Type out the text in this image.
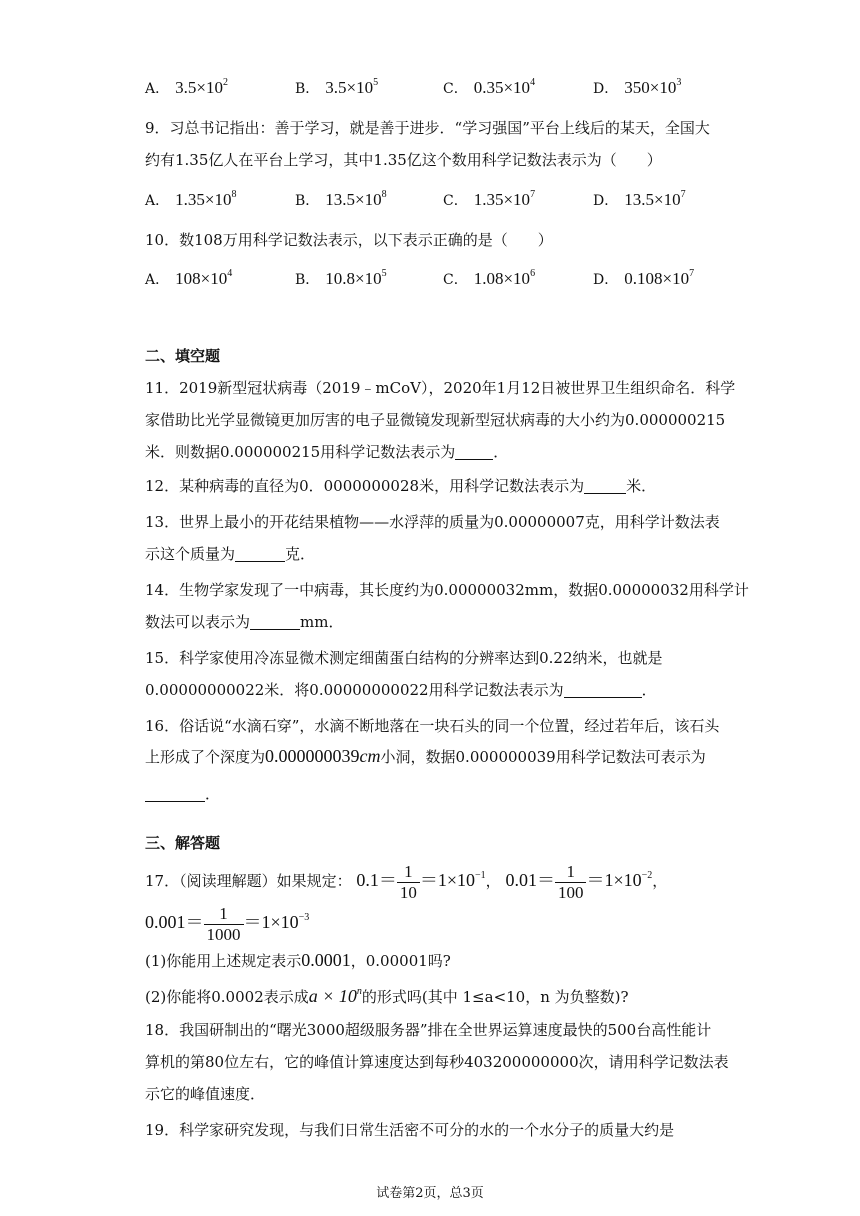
A． $3.5\times 10^2$	B． $3.5\times 10^5$	C． $0.35\times 10^4$	D． $350\times 10^3$
9．习总书记指出：善于学习，就是善于进步．“学习强国”平台上线后的某天，全国大
约有1.35亿人在平台上学习，其中1.35亿这个数用科学记数法表示为（　　）
A． $1.35\times 10^8$	B． $13.5\times 10^8$	C． $1.35\times 10^7$	D． $13.5\times 10^7$
10．数108万用科学记数法表示，以下表示正确的是（　　）
A． $108\times 10^4$	B． $10.8\times 10^5$	C． $1.08\times 10^6$	D． $0.108\times 10^7$
二、填空题
11．2019新型冠状病毒（2019﹣mCoV），2020年1月12日被世界卫生组织命名．科学
家借助比光学显微镜更加厉害的电子显微镜发现新型冠状病毒的大小约为0.000000215
米．则数据0.000000215用科学记数法表示为	．
12．某种病毒的直径为0．0000000028米，用科学记数法表示为	米．
13．世界上最小的开花结果植物——水浮萍的质量为0.00000007克，用科学计数法表
示这个质量为	克．
14．生物学家发现了一中病毒，其长度约为0.00000032mm，数据0.00000032用科学计
数法可以表示为	mm．
15．科学家使用冷冻显微术测定细菌蛋白结构的分辨率达到0.22纳米，也就是
0.00000000022米．将0.00000000022用科学记数法表示为	．
16．俗话说“水滴石穿”，水滴不断地落在一块石头的同一个位置，经过若年后，该石头
上形成了个深度为0.000000039cm小洞，数据0.000000039用科学记数法可表示为
．
三、解答题
17．（阅读理解题）如果规定： $0.1= \frac{1}{10} =1\times 10^{-1}$， $0.01= \frac{1}{100} =1\times 10^{-2}$，
$0.001= \frac{1}{1000} =1\times 10^{-3}$
(1)你能用上述规定表示0.0001，0.00001吗?
(2)你能将0.0002表示成$a \times 10^n$的形式吗(其中 1≤a<10，n 为负整数)?
18．我国研制出的“曙光3000超级服务器”排在全世界运算速度最快的500台高性能计
算机的第80位左右，它的峰值计算速度达到每秒403200000000次，请用科学记数法表
示它的峰值速度．
19．科学家研究发现，与我们日常生活密不可分的水的一个水分子的质量大约是
试卷第2页，总3页
